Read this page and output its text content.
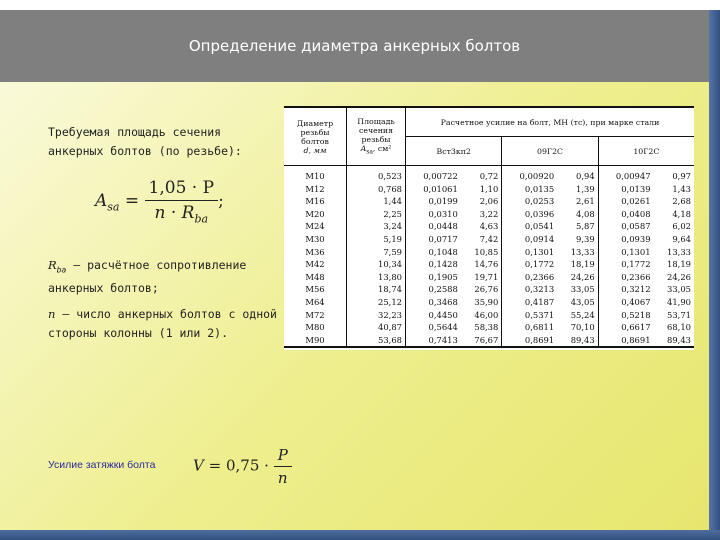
Определение диаметра анкерных болтов
Требуемая площадь сечения
анкерных болтов (по резьбе):
$A_{sa} = \frac{1,05 \cdot P}{n \cdot R_{ba}}$ ;
$R_{ba}$ – расчётное сопротивление
анкерных болтов;
n – число анкерных болтов с одной
стороны колонны (1 или 2).
Усилие затяжки болта	$V = 0,75 \cdot \frac{P}{n}$
Диаметр
резьбы
болтов
d, мм	Площадь
сечения
резьбы
$A_{sa}$, см²	Расчетное усилие на болт, МН (тс), при марке стали					
		Вст3кп2		09Г2С		10Г2С	
M10	0,523	0,00722	0,72	0,00920	0,94	0,00947	0,97
M12	0,768	0,01061	1,10	0,0135	1,39	0,0139	1,43
M16	1,44	0,0199	2,06	0,0253	2,61	0,0261	2,68
M20	2,25	0,0310	3,22	0,0396	4,08	0,0408	4,18
M24	3,24	0,0448	4,63	0,0541	5,87	0,0587	6,02
M30	5,19	0,0717	7,42	0,0914	9,39	0,0939	9,64
M36	7,59	0,1048	10,85	0,1301	13,33	0,1301	13,33
M42	10,34	0,1428	14,76	0,1772	18,19	0,1772	18,19
M48	13,80	0,1905	19,71	0,2366	24,26	0,2366	24,26
M56	18,74	0,2588	26,76	0,3213	33,05	0,3212	33,05
M64	25,12	0,3468	35,90	0,4187	43,05	0,4067	41,90
M72	32,23	0,4450	46,00	0,5371	55,24	0,5218	53,71
M80	40,87	0,5644	58,38	0,6811	70,10	0,6617	68,10
M90	53,68	0,7413	76,67	0,8691	89,43	0,8691	89,43
